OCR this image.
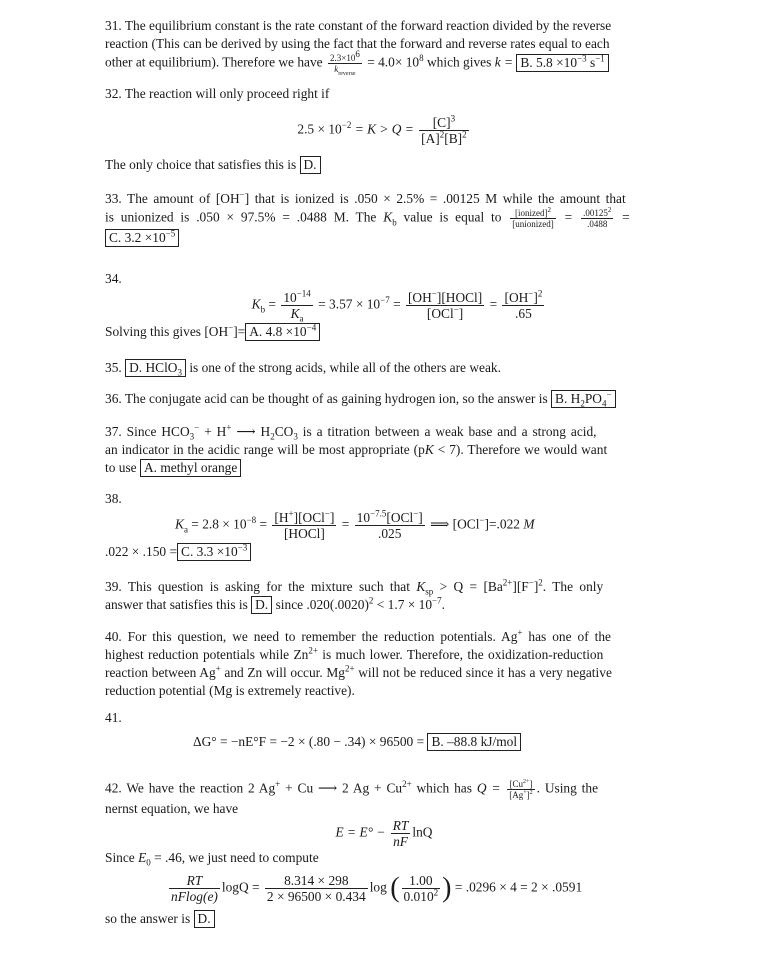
31. The equilibrium constant is the rate constant of the forward reaction divided by the reverse

reaction (This can be derived by using the fact that the forward and reverse rates equal to each

other at equilibrium). Therefore we have $\frac{2.3\times 10^6}{k_{reverse}} = 4.0\times 10^8$ which gives k = B. $5.8 \times 10^{-3}$ $s^{-1}$

32. The reaction will only proceed right if

$2.5 \times 10^{-2} = K > Q = \frac{[C]^3}{[A]^2[B]^2}$

The only choice that satisfies this is D.

33. The amount of [OH−] that is ionized is .050 × 2.5% = .00125 M while the amount that

is unionized is .050 × 97.5% = .0488 M. The $K_b$ value is equal to $\frac{[ionized]^2}{\text{[unionized]}} = \frac{.00125^2}{.0488}$ =

C. $3.2 \times 10^{-5}$

34.

$K_b = \frac{10^{-14}}{K_a} = 3.57 \times 10^{-7} = \frac{[OH^-][HOCl]}{[OCl^-]} = \frac{[OH^-]^2}{.65}$

Solving this gives [OH−]= A. $4.8 \times 10^{-4}$

35. D. HClO$_3$ is one of the strong acids, while all of the others are weak.

36. The conjugate acid can be thought of as gaining hydrogen ion, so the answer is B. $H_2PO_4^-$

37. Since $HCO_3^- + H^+$ ⟶ $H_2CO_3$ is a titration between a weak base and a strong acid,

an indicator in the acidic range will be most appropriate (pK < 7). Therefore we would want

to use A. methyl orange

38.

$K_a = 2.8 \times 10^{-8} = \frac{[H^+][OCl^-]}{\text{[HOCl]}} = \frac{10^{-7.5}[OCl^-]}{.025}$ ⟹ [OCl−]=.022 M

.022 × .150 = C. $3.3 \times 10^{-3}$

39. This question is asking for the mixture such that $K_{sp} > Q = [Ba^{2+}][F^-]^2$. The only

answer that satisfies this is D. since $.020(.0020)^2 < 1.7 \times 10^{-7}$.

40. For this question, we need to remember the reduction potentials. Ag+ has one of the

highest reduction potentials while $Zn^{2+}$ is much lower. Therefore, the oxidization-reduction

reaction between Ag+ and Zn will occur. $Mg^{2+}$ will not be reduced since it has a very negative

reduction potential (Mg is extremely reactive).

41.

ΔG° = −nE°F = −2 × (.80 − .34) × 96500 = B. –88.8 kJ/mol

42. We have the reaction 2 Ag+ + Cu ⟶ 2 $Ag + Cu^{2+}$ which has $Q = \frac{[Cu^{2+}]}{[Ag^+]^2}$ . Using the

nernst equation, we have

$E = E^\circ - \frac{RT}{nF}$ lnQ

Since $E_0 = .46$, we just need to compute

$\frac{RT}{nFlog(e)}$ $\log Q = \frac{8.314 \times 298}{2 \times 96500 \times 0.434}$ log ( $\frac{1.00}{0.010^2}$ ) = .0296 × 4 = 2 × .0591

so the answer is D.
